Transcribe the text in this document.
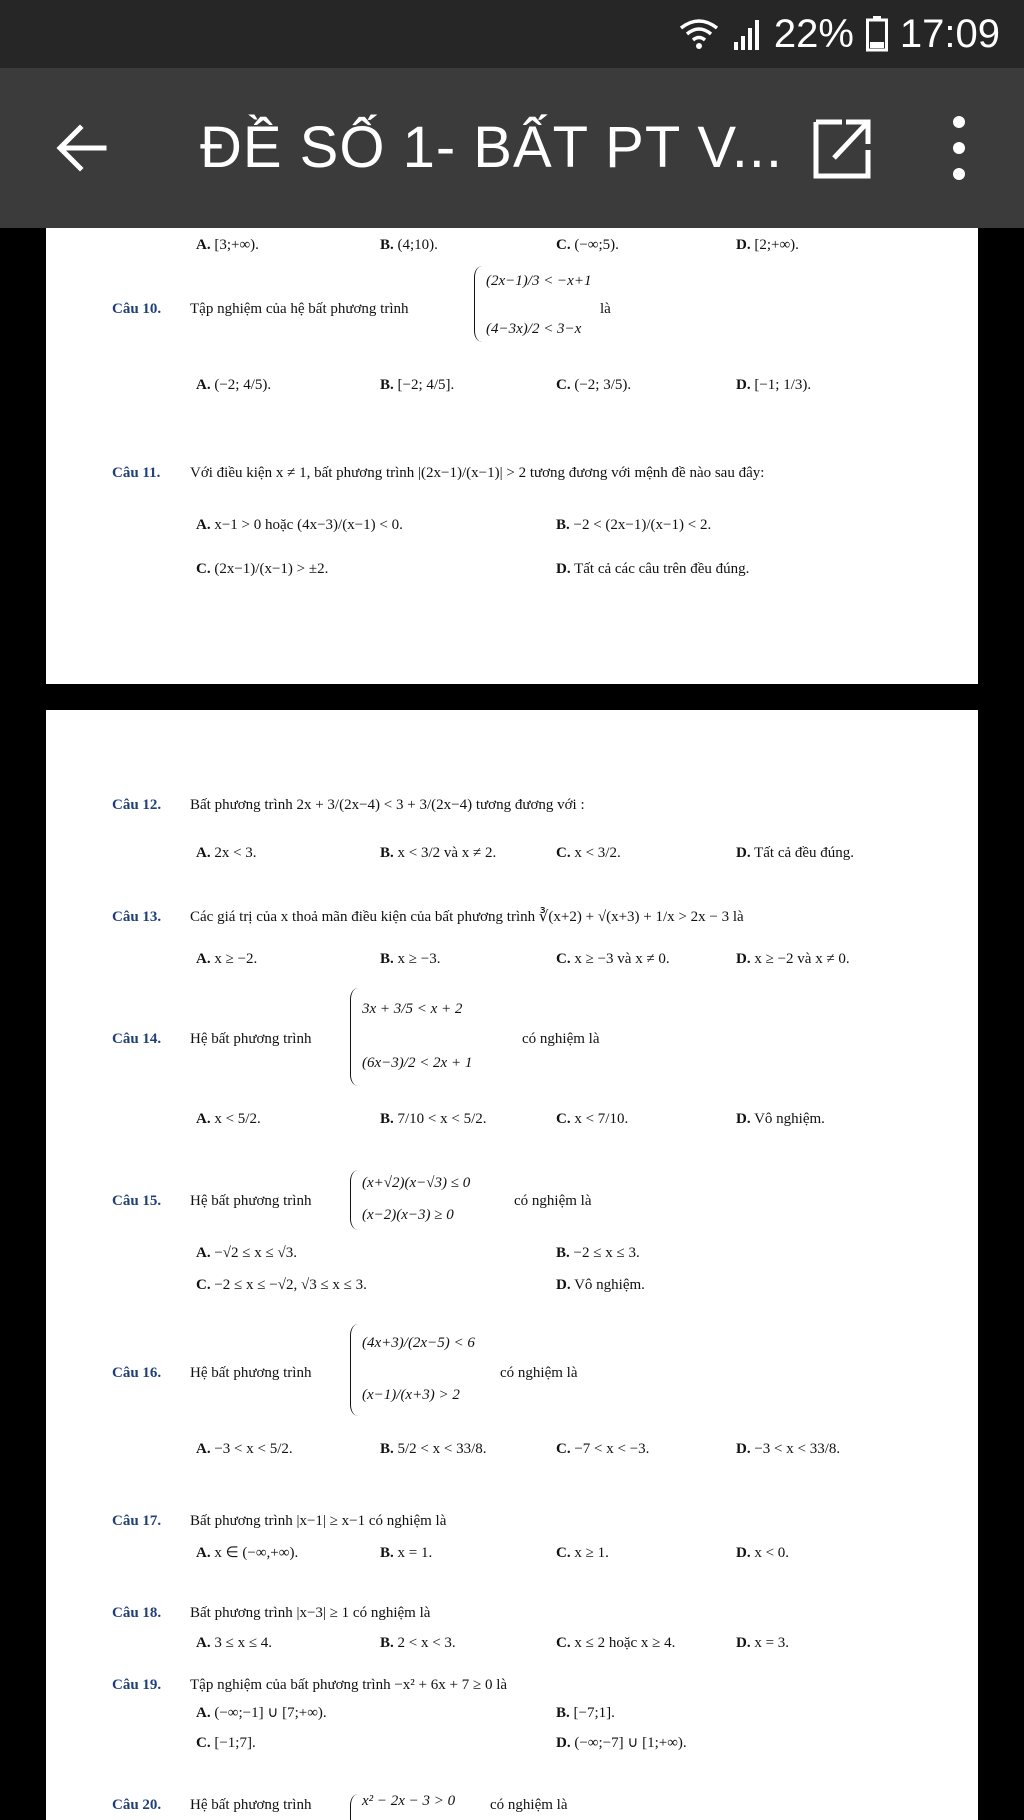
22% 17:09
ĐỀ SỐ 1- BẤT PT V...
A. [3;+∞).	B. (4;10).	C. (−∞;5).	D. [2;+∞).
Câu 10. Tập nghiệm của hệ bất phương trình
(2x−1)/3 < −x+1
(4−3x)/2 < 3−x
là
A. (−2; 4/5).	B. [−2; 4/5].	C. (−2; 3/5).	D. [−1; 1/3).
Câu 11. Với điều kiện x ≠ 1, bất phương trình |(2x−1)/(x−1)| > 2 tương đương với mệnh đề nào sau đây:
A. x−1 > 0 hoặc (4x−3)/(x−1) < 0.	B. −2 < (2x−1)/(x−1) < 2.
C. (2x−1)/(x−1) > ±2.	D. Tất cả các câu trên đều đúng.
Câu 12. Bất phương trình 2x + 3/(2x−4) < 3 + 3/(2x−4) tương đương với :
A. 2x < 3.	B. x < 3/2 và x ≠ 2.	C. x < 3/2.	D. Tất cả đều đúng.
Câu 13. Các giá trị của x thoả mãn điều kiện của bất phương trình ∛(x+2) + √(x+3) + 1/x > 2x − 3 là
A. x ≥ −2.	B. x ≥ −3.	C. x ≥ −3 và x ≠ 0.	D. x ≥ −2 và x ≠ 0.
Câu 14. Hệ bất phương trình
3x + 3/5 < x + 2
(6x−3)/2 < 2x + 1
có nghiệm là
A. x < 5/2.	B. 7/10 < x < 5/2.	C. x < 7/10.	D. Vô nghiệm.
Câu 15. Hệ bất phương trình
(x+√2)(x−√3) ≤ 0
(x−2)(x−3) ≥ 0
có nghiệm là
A. −√2 ≤ x ≤ √3.	B. −2 ≤ x ≤ 3.
C. −2 ≤ x ≤ −√2, √3 ≤ x ≤ 3.	D. Vô nghiệm.
Câu 16. Hệ bất phương trình
(4x+3)/(2x−5) < 6
(x−1)/(x+3) > 2
có nghiệm là
A. −3 < x < 5/2.	B. 5/2 < x < 33/8.	C. −7 < x < −3.	D. −3 < x < 33/8.
Câu 17. Bất phương trình |x−1| ≥ x−1 có nghiệm là
A. x ∈ (−∞,+∞).	B. x = 1.	C. x ≥ 1.	D. x < 0.
Câu 18. Bất phương trình |x−3| ≥ 1 có nghiệm là
A. 3 ≤ x ≤ 4.	B. 2 < x < 3.	C. x ≤ 2 hoặc x ≥ 4.	D. x = 3.
Câu 19. Tập nghiệm của bất phương trình −x² + 6x + 7 ≥ 0 là
A. (−∞;−1] ∪ [7;+∞).	B. [−7;1].
C. [−1;7].	D. (−∞;−7] ∪ [1;+∞).
Câu 20. Hệ bất phương trình	x² − 2x − 3 > 0 có nghiệm là
